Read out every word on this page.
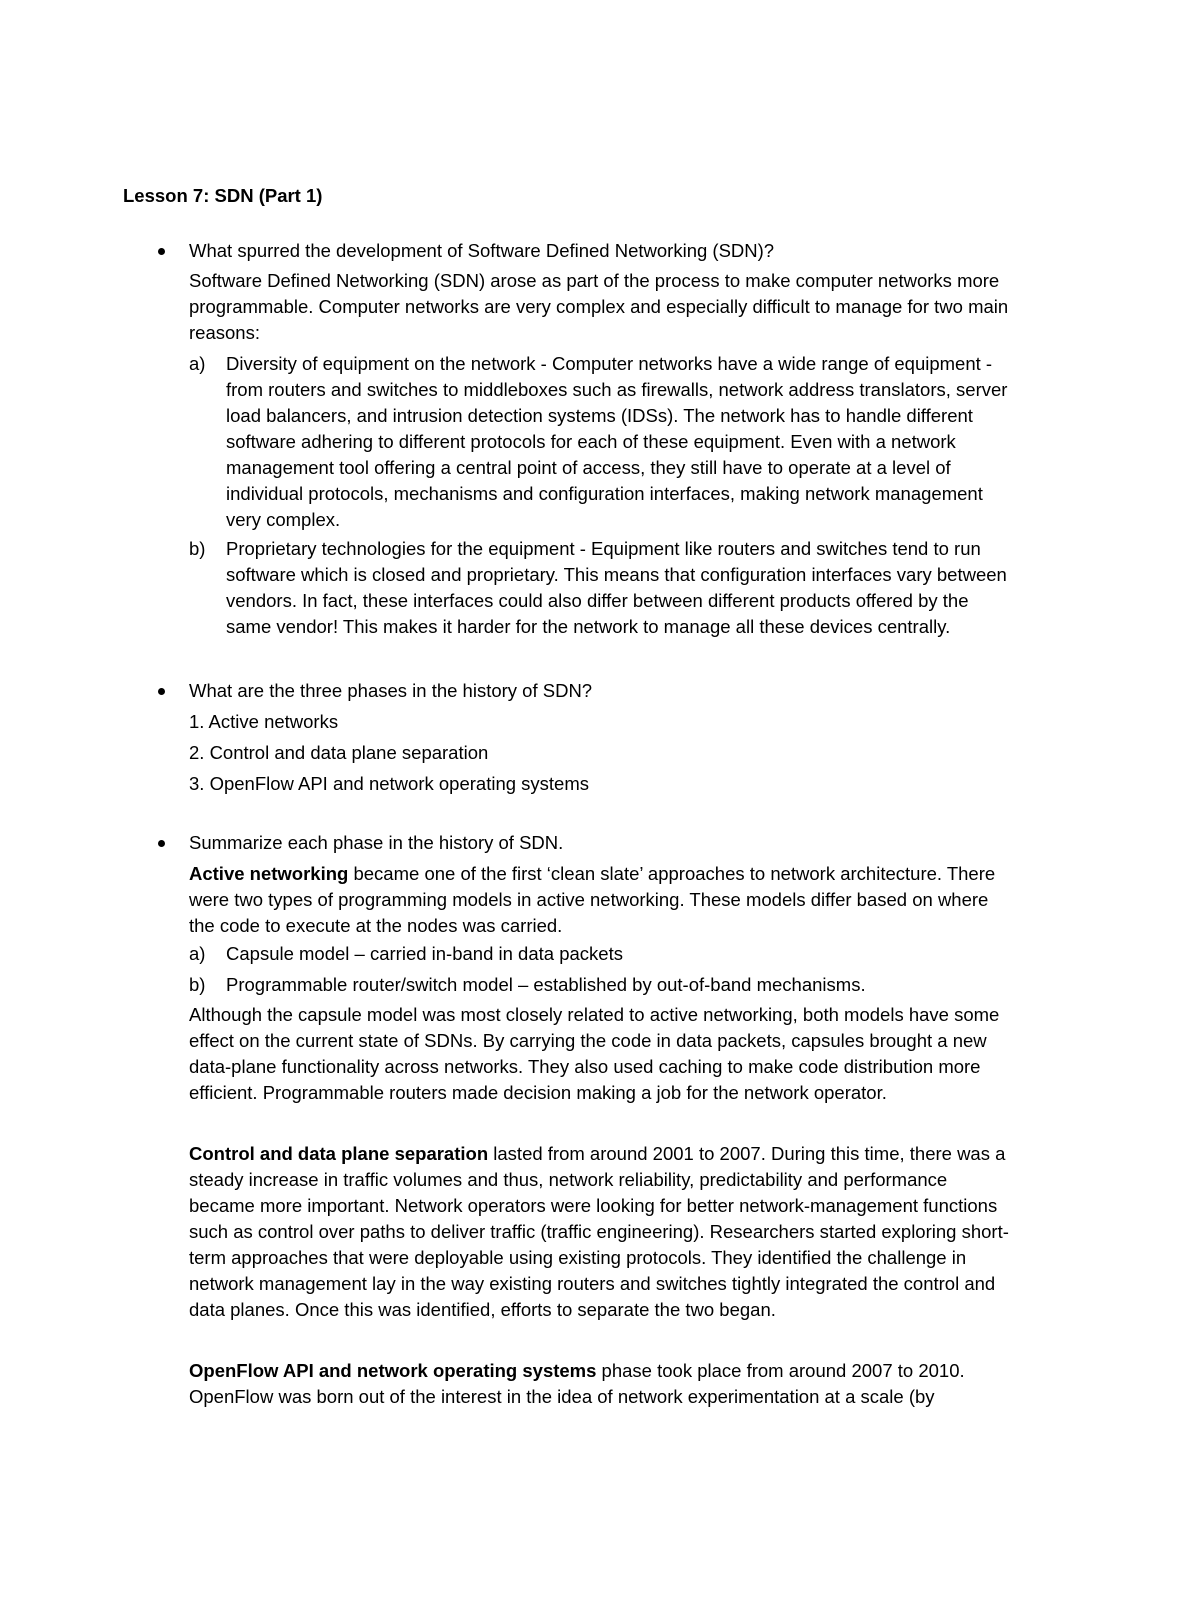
Lesson 7: SDN (Part 1)
What spurred the development of Software Defined Networking (SDN)?
Software Defined Networking (SDN) arose as part of the process to make computer networks more
programmable. Computer networks are very complex and especially difficult to manage for two main
reasons:
a) Diversity of equipment on the network - Computer networks have a wide range of equipment -
from routers and switches to middleboxes such as firewalls, network address translators, server
load balancers, and intrusion detection systems (IDSs). The network has to handle different
software adhering to different protocols for each of these equipment. Even with a network
management tool offering a central point of access, they still have to operate at a level of
individual protocols, mechanisms and configuration interfaces, making network management
very complex.
b) Proprietary technologies for the equipment - Equipment like routers and switches tend to run
software which is closed and proprietary. This means that configuration interfaces vary between
vendors. In fact, these interfaces could also differ between different products offered by the
same vendor! This makes it harder for the network to manage all these devices centrally.
What are the three phases in the history of SDN?
1. Active networks
2. Control and data plane separation
3. OpenFlow API and network operating systems
Summarize each phase in the history of SDN.
Active networking became one of the first ‘clean slate’ approaches to network architecture. There
were two types of programming models in active networking. These models differ based on where
the code to execute at the nodes was carried.
a) Capsule model – carried in-band in data packets
b) Programmable router/switch model – established by out-of-band mechanisms.
Although the capsule model was most closely related to active networking, both models have some
effect on the current state of SDNs. By carrying the code in data packets, capsules brought a new
data-plane functionality across networks. They also used caching to make code distribution more
efficient. Programmable routers made decision making a job for the network operator.
Control and data plane separation lasted from around 2001 to 2007. During this time, there was a
steady increase in traffic volumes and thus, network reliability, predictability and performance
became more important. Network operators were looking for better network-management functions
such as control over paths to deliver traffic (traffic engineering). Researchers started exploring short-
term approaches that were deployable using existing protocols. They identified the challenge in
network management lay in the way existing routers and switches tightly integrated the control and
data planes. Once this was identified, efforts to separate the two began.
OpenFlow API and network operating systems phase took place from around 2007 to 2010.
OpenFlow was born out of the interest in the idea of network experimentation at a scale (by
